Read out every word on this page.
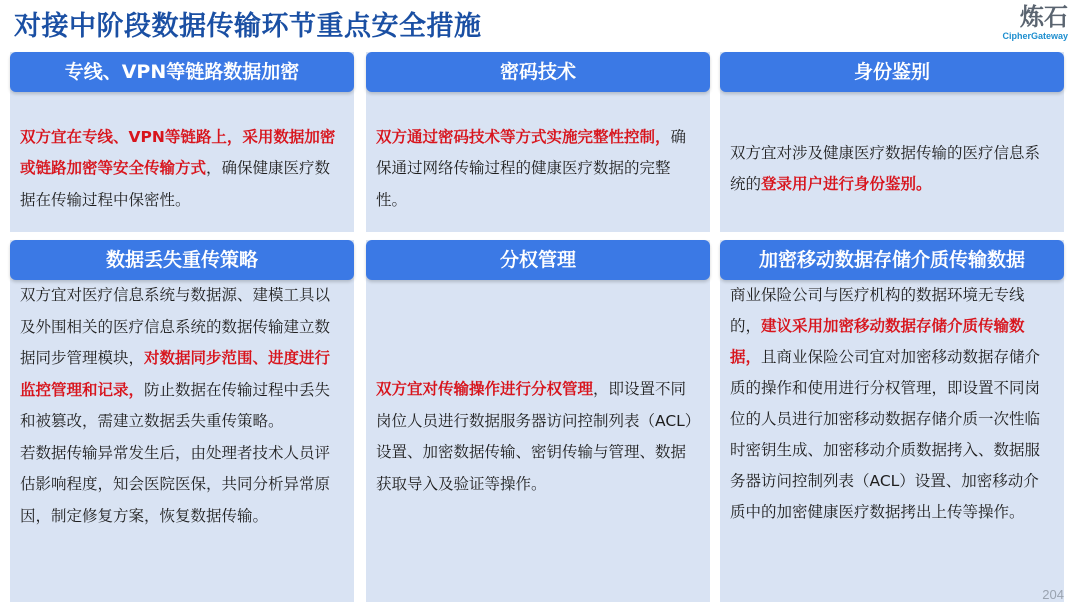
对接中阶段数据传输环节重点安全措施	炼石
CipherGateway
专线、VPN等链路数据加密

双方宜在专线、VPN等链路上，采用数据加密或链路加密等安全传输方式，确保健康医疗数据在传输过程中保密性。

密码技术

双方通过密码技术等方式实施完整性控制，确保通过网络传输过程的健康医疗数据的完整性。

身份鉴别

双方宜对涉及健康医疗数据传输的医疗信息系统的登录用户进行身份鉴别。

数据丢失重传策略

双方宜对医疗信息系统与数据源、建模工具以及外围相关的医疗信息系统的数据传输建立数据同步管理模块，对数据同步范围、进度进行监控管理和记录，防止数据在传输过程中丢失和被篡改，需建立数据丢失重传策略。

若数据传输异常发生后，由处理者技术人员评估影响程度，知会医院医保，共同分析异常原因，制定修复方案，恢复数据传输。

分权管理

双方宜对传输操作进行分权管理，即设置不同岗位人员进行数据服务器访问控制列表（ACL）设置、加密数据传输、密钥传输与管理、数据获取导入及验证等操作。

加密移动数据存储介质传输数据

商业保险公司与医疗机构的数据环境无专线的，建议采用加密移动数据存储介质传输数据，且商业保险公司宜对加密移动数据存储介质的操作和使用进行分权管理，即设置不同岗位的人员进行加密移动数据存储介质一次性临时密钥生成、加密移动介质数据拷入、数据服务器访问控制列表（ACL）设置、加密移动介质中的加密健康医疗数据拷出上传等操作。

204
